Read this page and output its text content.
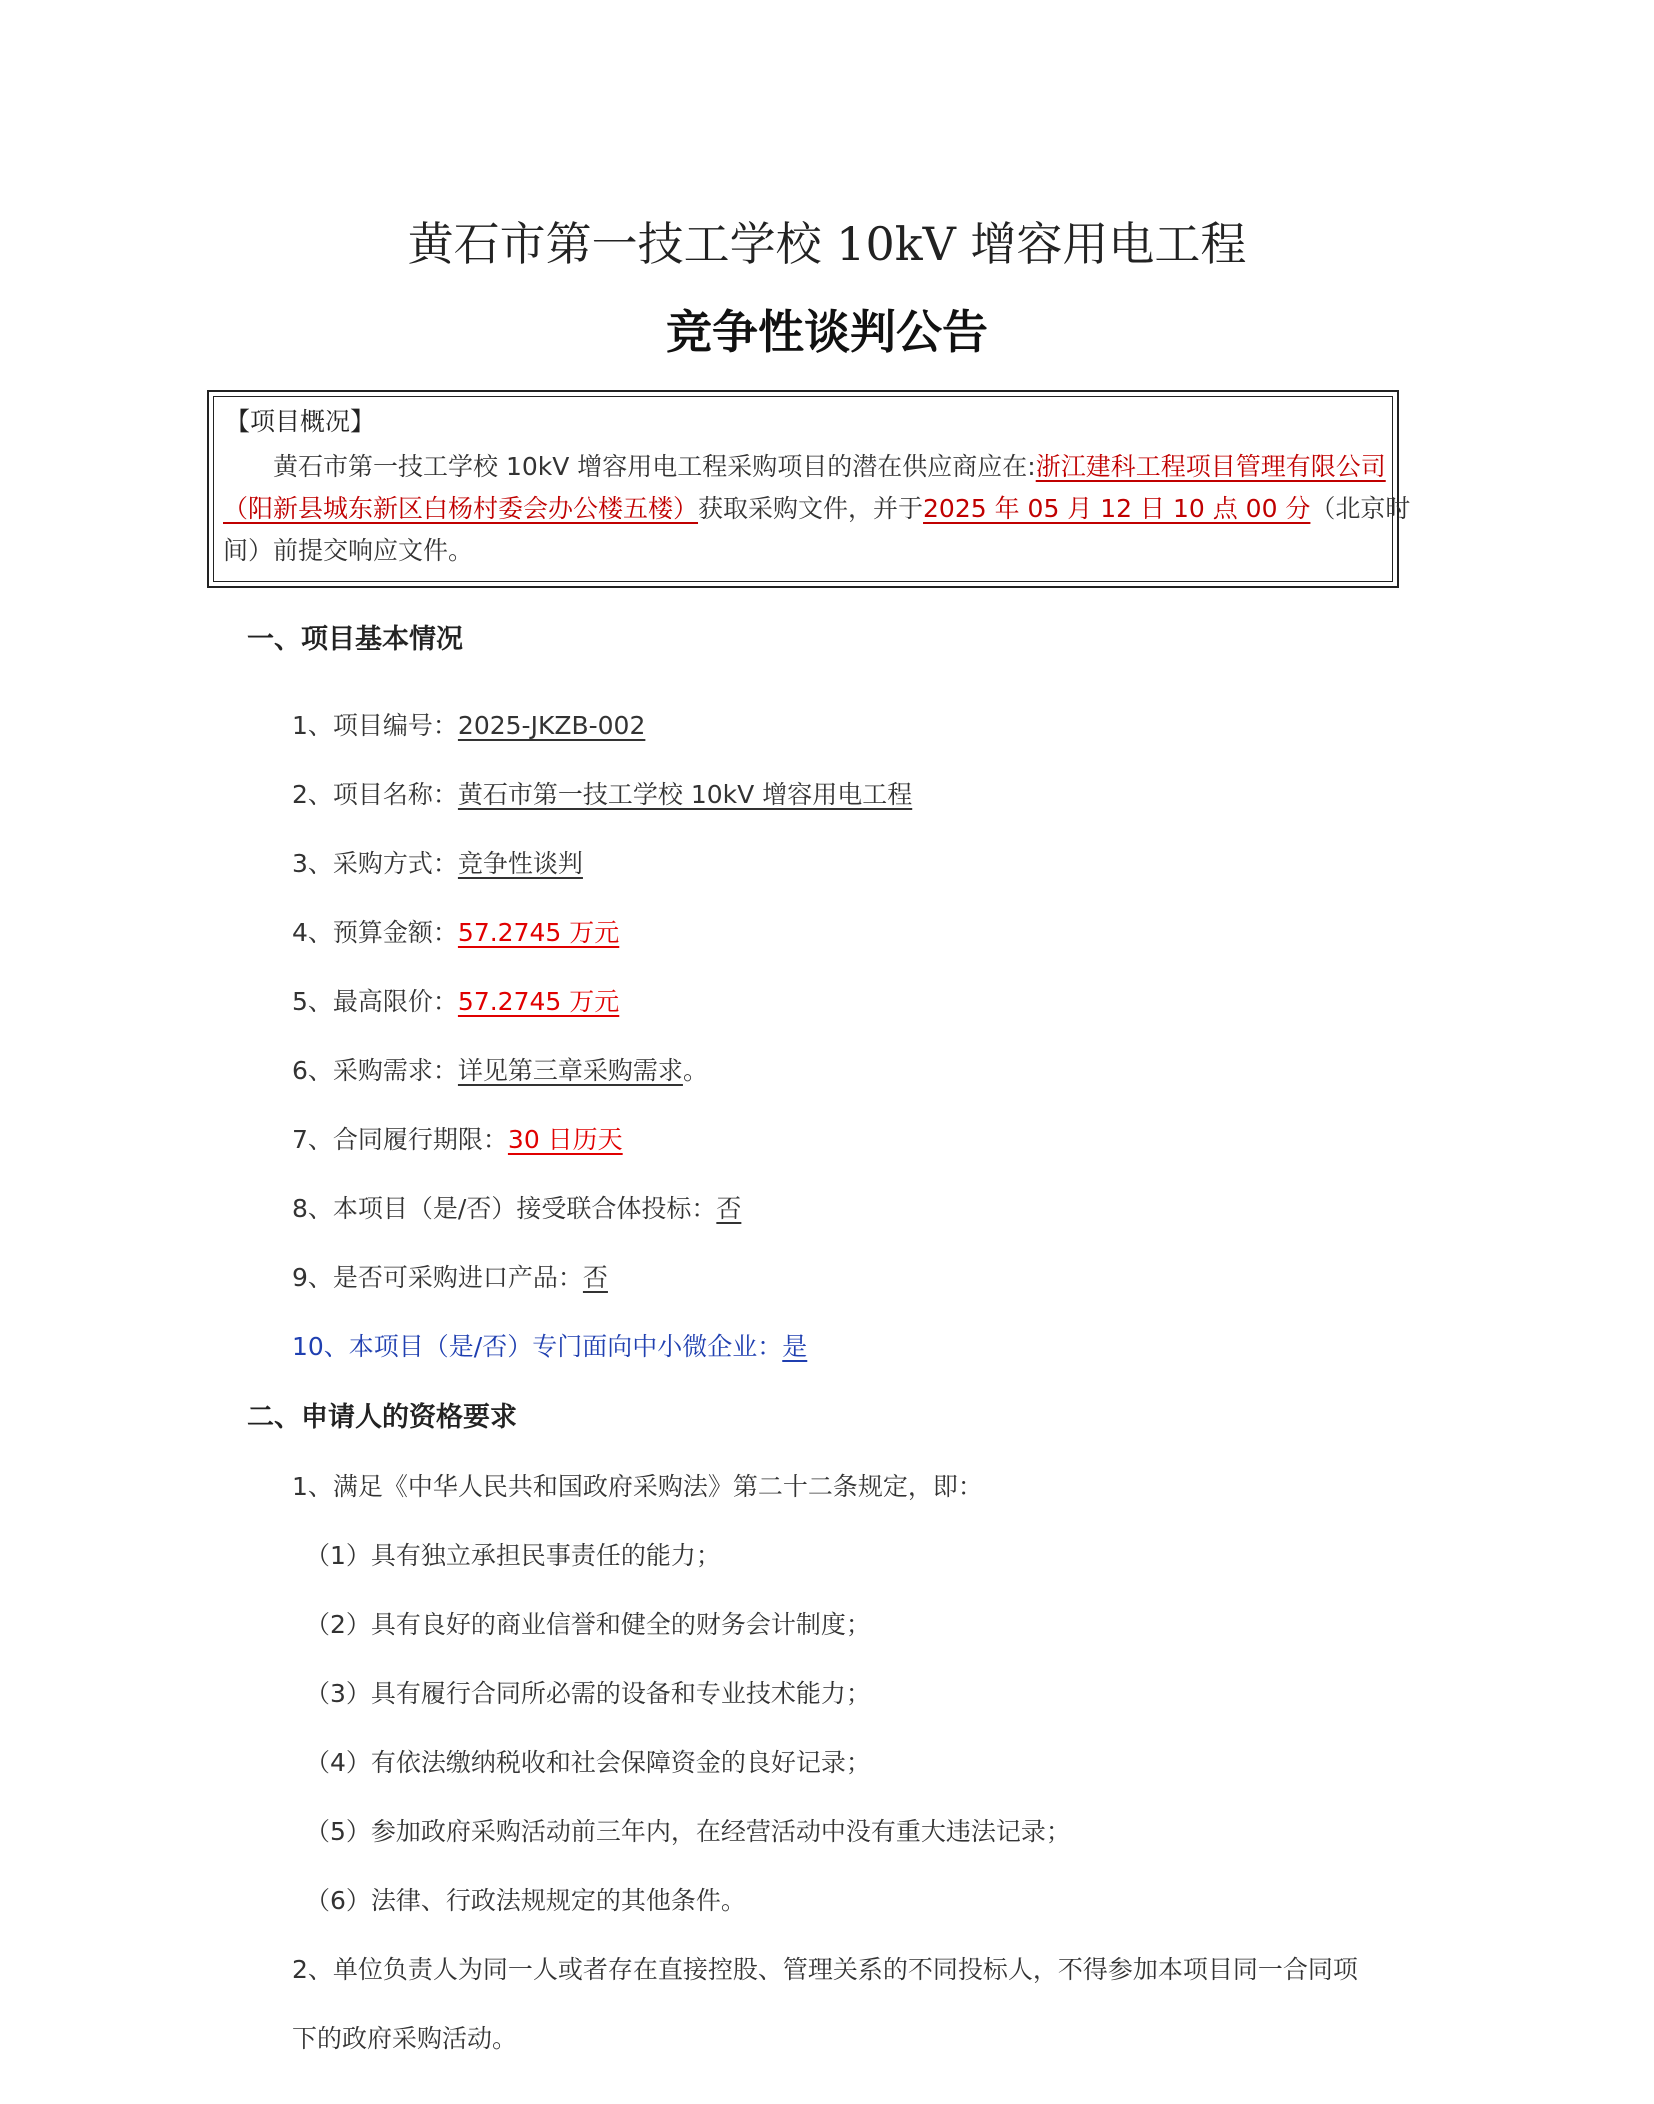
黄石市第一技工学校 10kV 增容用电工程
竞争性谈判公告
【项目概况】
黄石市第一技工学校 10kV 增容用电工程采购项目的潜在供应商应在:浙江建科工程项目管理有限公司
（阳新县城东新区白杨村委会办公楼五楼）获取采购文件，并于2025 年 05 月 12 日 10 点 00 分（北京时
间）前提交响应文件。
一、项目基本情况
1、项目编号：2025-JKZB-002
2、项目名称：黄石市第一技工学校 10kV 增容用电工程
3、采购方式：竞争性谈判
4、预算金额：57.2745 万元
5、最高限价：57.2745 万元
6、采购需求：详见第三章采购需求。
7、合同履行期限：30 日历天
8、本项目（是/否）接受联合体投标：否
9、是否可采购进口产品：否
10、本项目（是/否）专门面向中小微企业：是
二、申请人的资格要求
1、满足《中华人民共和国政府采购法》第二十二条规定，即：
（1）具有独立承担民事责任的能力；
（2）具有良好的商业信誉和健全的财务会计制度；
（3）具有履行合同所必需的设备和专业技术能力；
（4）有依法缴纳税收和社会保障资金的良好记录；
（5）参加政府采购活动前三年内，在经营活动中没有重大违法记录；
（6）法律、行政法规规定的其他条件。
2、单位负责人为同一人或者存在直接控股、管理关系的不同投标人，不得参加本项目同一合同项
下的政府采购活动。
